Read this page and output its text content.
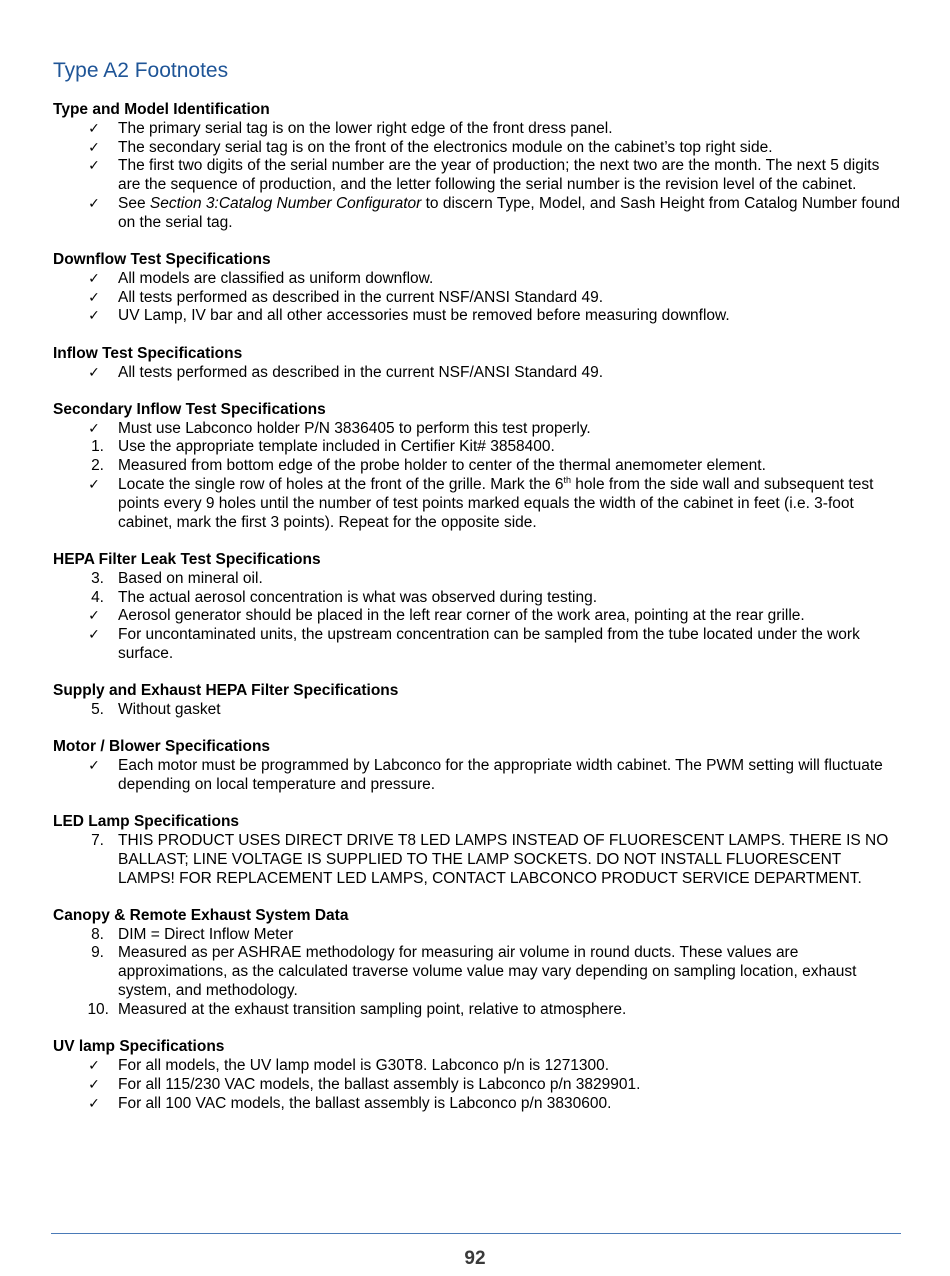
Type A2 Footnotes
Type and Model Identification
✓ The primary serial tag is on the lower right edge of the front dress panel.
✓ The secondary serial tag is on the front of the electronics module on the cabinet’s top right side.
✓ The first two digits of the serial number are the year of production; the next two are the month. The next 5 digits are the sequence of production, and the letter following the serial number is the revision level of the cabinet.
✓ See Section 3:Catalog Number Configurator to discern Type, Model, and Sash Height from Catalog Number found on the serial tag.
Downflow Test Specifications
✓ All models are classified as uniform downflow.
✓ All tests performed as described in the current NSF/ANSI Standard 49.
✓ UV Lamp, IV bar and all other accessories must be removed before measuring downflow.
Inflow Test Specifications
✓ All tests performed as described in the current NSF/ANSI Standard 49.
Secondary Inflow Test Specifications
✓ Must use Labconco holder P/N 3836405 to perform this test properly.
1. Use the appropriate template included in Certifier Kit# 3858400.
2. Measured from bottom edge of the probe holder to center of the thermal anemometer element.
✓ Locate the single row of holes at the front of the grille. Mark the 6th hole from the side wall and subsequent test points every 9 holes until the number of test points marked equals the width of the cabinet in feet (i.e. 3-foot cabinet, mark the first 3 points). Repeat for the opposite side.
HEPA Filter Leak Test Specifications
3. Based on mineral oil.
4. The actual aerosol concentration is what was observed during testing.
✓ Aerosol generator should be placed in the left rear corner of the work area, pointing at the rear grille.
✓ For uncontaminated units, the upstream concentration can be sampled from the tube located under the work surface.
Supply and Exhaust HEPA Filter Specifications
5. Without gasket
Motor / Blower Specifications
✓ Each motor must be programmed by Labconco for the appropriate width cabinet. The PWM setting will fluctuate depending on local temperature and pressure.
LED Lamp Specifications
7. THIS PRODUCT USES DIRECT DRIVE T8 LED LAMPS INSTEAD OF FLUORESCENT LAMPS. THERE IS NO BALLAST; LINE VOLTAGE IS SUPPLIED TO THE LAMP SOCKETS. DO NOT INSTALL FLUORESCENT LAMPS! FOR REPLACEMENT LED LAMPS, CONTACT LABCONCO PRODUCT SERVICE DEPARTMENT.
Canopy & Remote Exhaust System Data
8. DIM = Direct Inflow Meter
9. Measured as per ASHRAE methodology for measuring air volume in round ducts. These values are approximations, as the calculated traverse volume value may vary depending on sampling location, exhaust system, and methodology.
10. Measured at the exhaust transition sampling point, relative to atmosphere.
UV lamp Specifications
✓ For all models, the UV lamp model is G30T8. Labconco p/n is 1271300.
✓ For all 115/230 VAC models, the ballast assembly is Labconco p/n 3829901.
✓ For all 100 VAC models, the ballast assembly is Labconco p/n 3830600.
92
